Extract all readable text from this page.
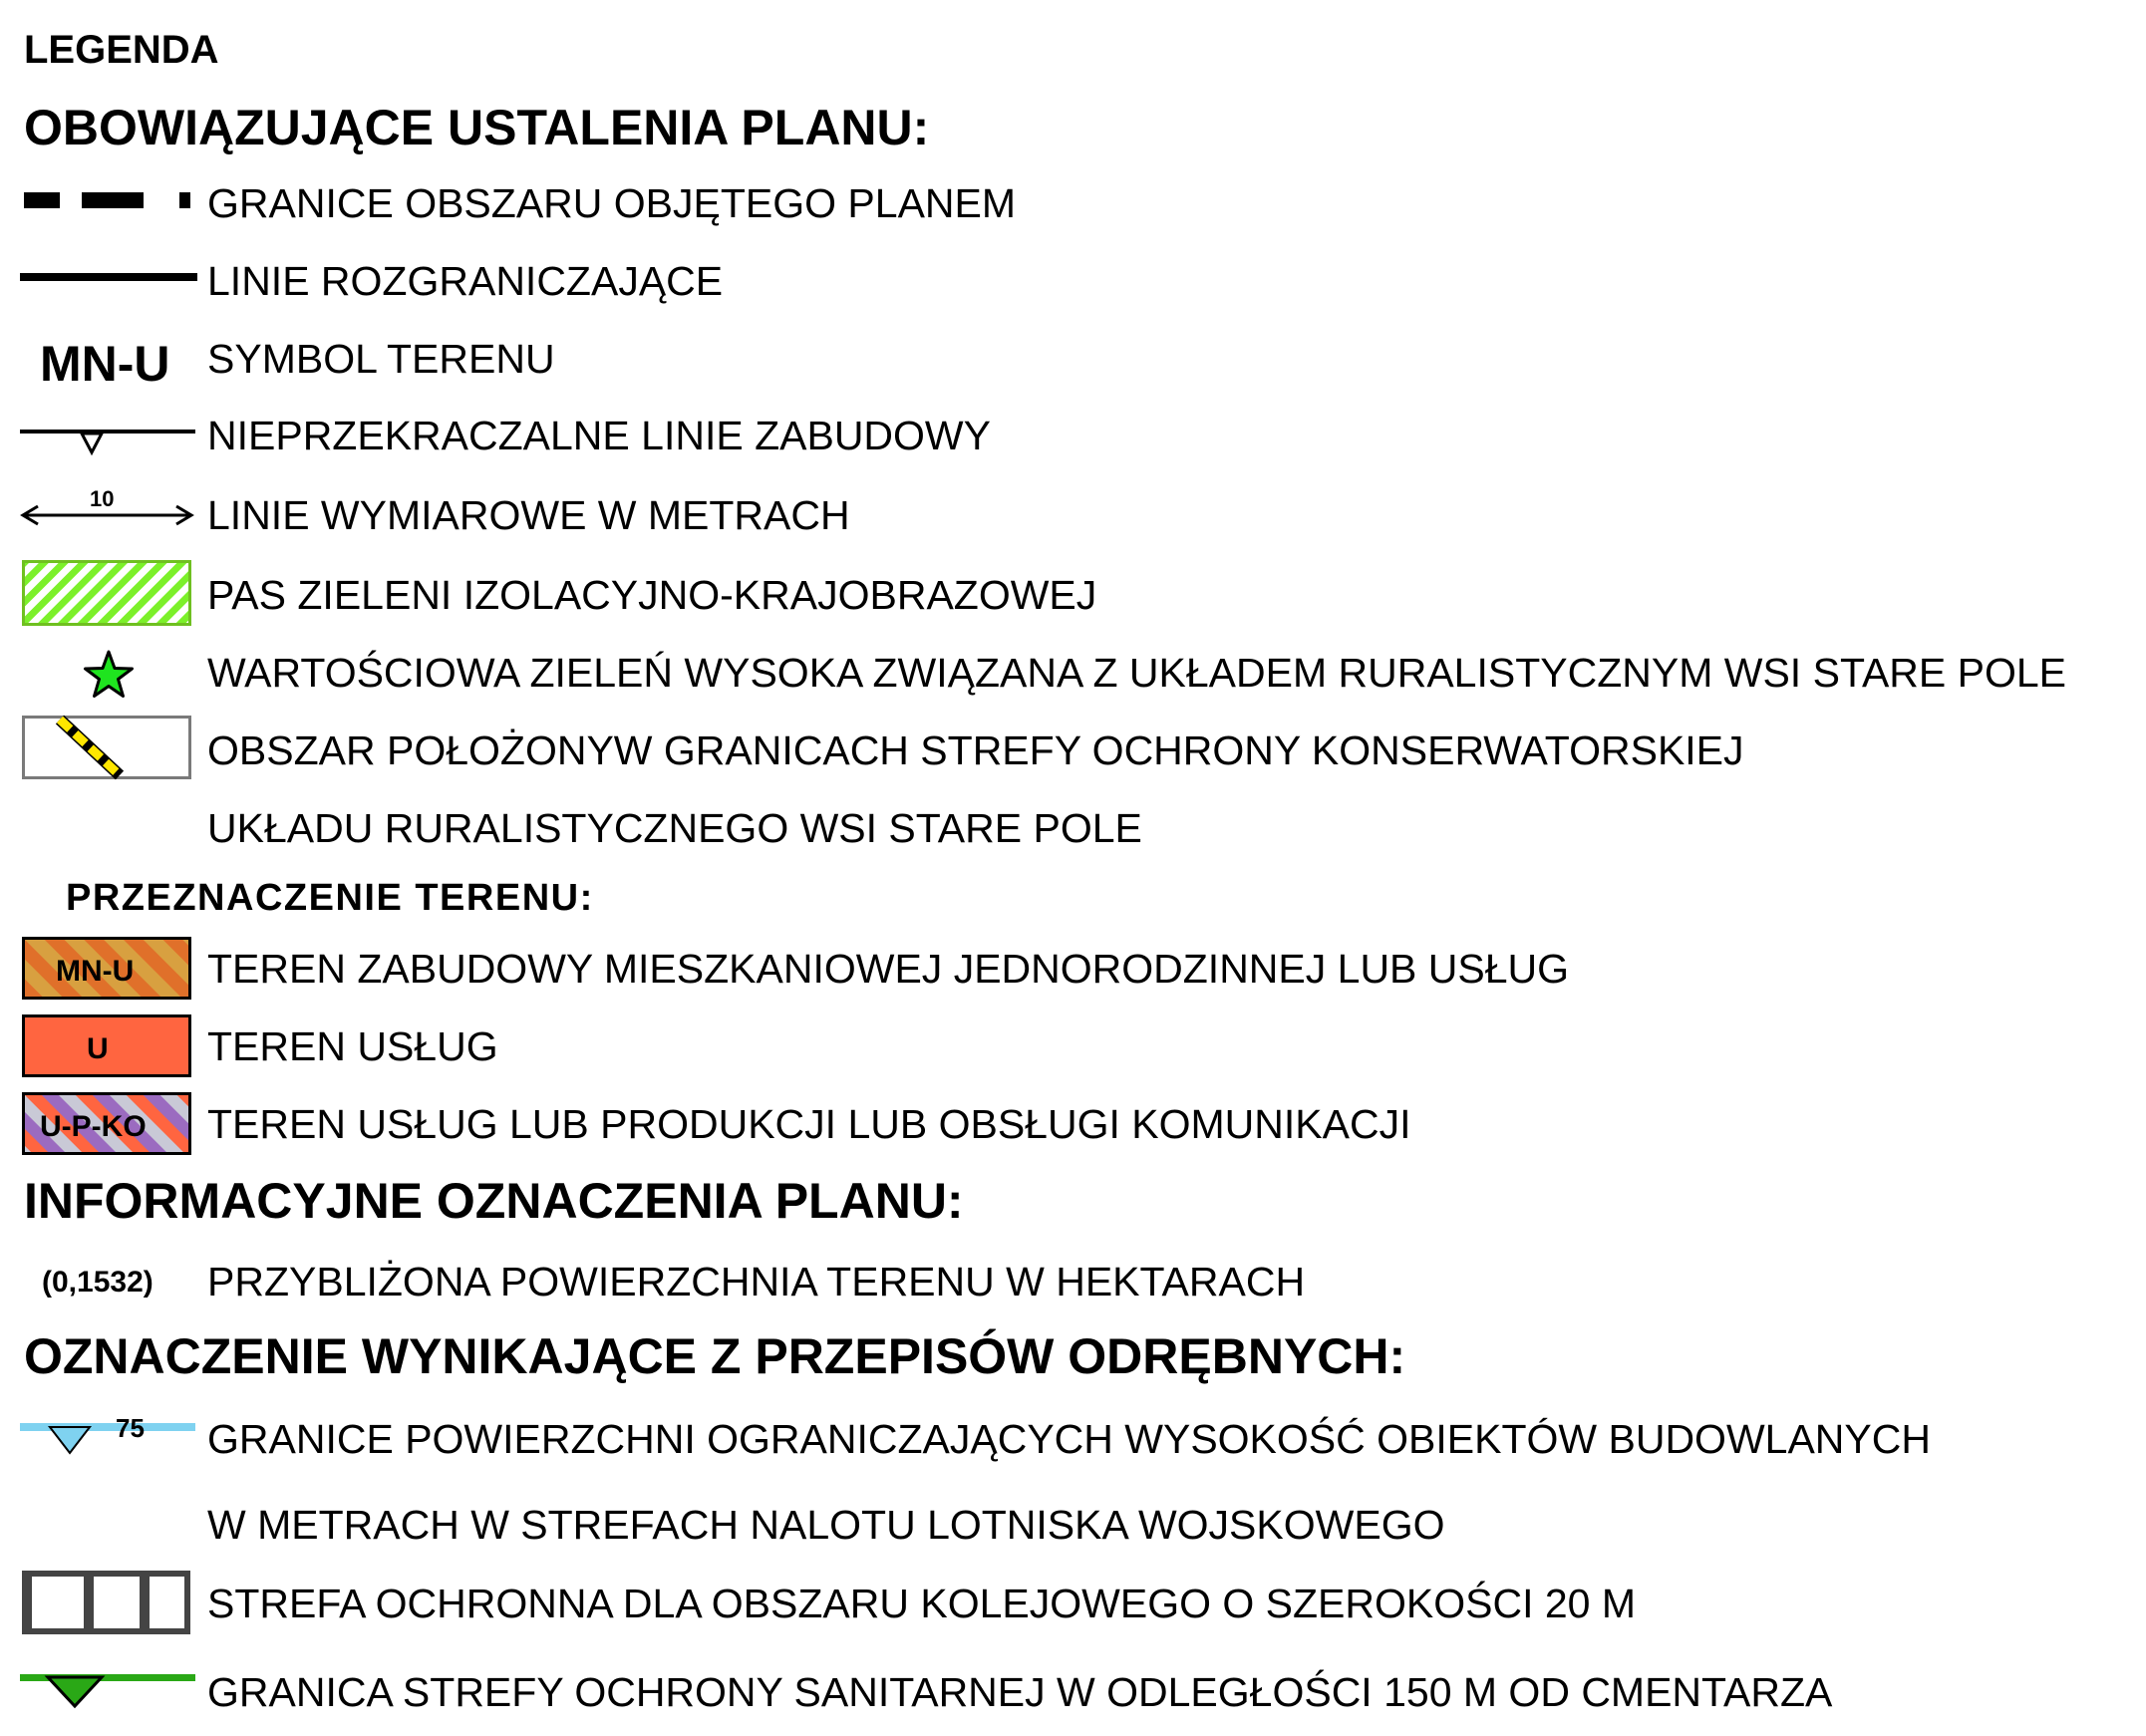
LEGENDA
OBOWIĄZUJĄCE USTALENIA PLANU:
GRANICE OBSZARU OBJĘTEGO PLANEM
LINIE ROZGRANICZAJĄCE
MN-U SYMBOL TERENU
NIEPRZEKRACZALNE LINIE ZABUDOWY
10 LINIE WYMIAROWE W METRACH
PAS ZIELENI IZOLACYJNO-KRAJOBRAZOWEJ
WARTOŚCIOWA ZIELEŃ WYSOKA ZWIĄZANA Z UKŁADEM RURALISTYCZNYM WSI STARE POLE
OBSZAR POŁOŻONYW GRANICACH STREFY OCHRONY KONSERWATORSKIEJ
UKŁADU RURALISTYCZNEGO WSI STARE POLE
PRZEZNACZENIE TERENU:
MN-U TEREN ZABUDOWY MIESZKANIOWEJ JEDNORODZINNEJ LUB USŁUG
U TEREN USŁUG
U-P-KO TEREN USŁUG LUB PRODUKCJI LUB OBSŁUGI KOMUNIKACJI
INFORMACYJNE OZNACZENIA PLANU:
(0,1532) PRZYBLIŻONA POWIERZCHNIA TERENU W HEKTARACH
OZNACZENIE WYNIKAJĄCE Z PRZEPISÓW ODRĘBNYCH:
75 GRANICE POWIERZCHNI OGRANICZAJĄCYCH WYSOKOŚĆ OBIEKTÓW BUDOWLANYCH
W METRACH W STREFACH NALOTU LOTNISKA WOJSKOWEGO
STREFA OCHRONNA DLA OBSZARU KOLEJOWEGO O SZEROKOŚCI 20 M
GRANICA STREFY OCHRONY SANITARNEJ W ODLEGŁOŚCI 150 M OD CMENTARZA
